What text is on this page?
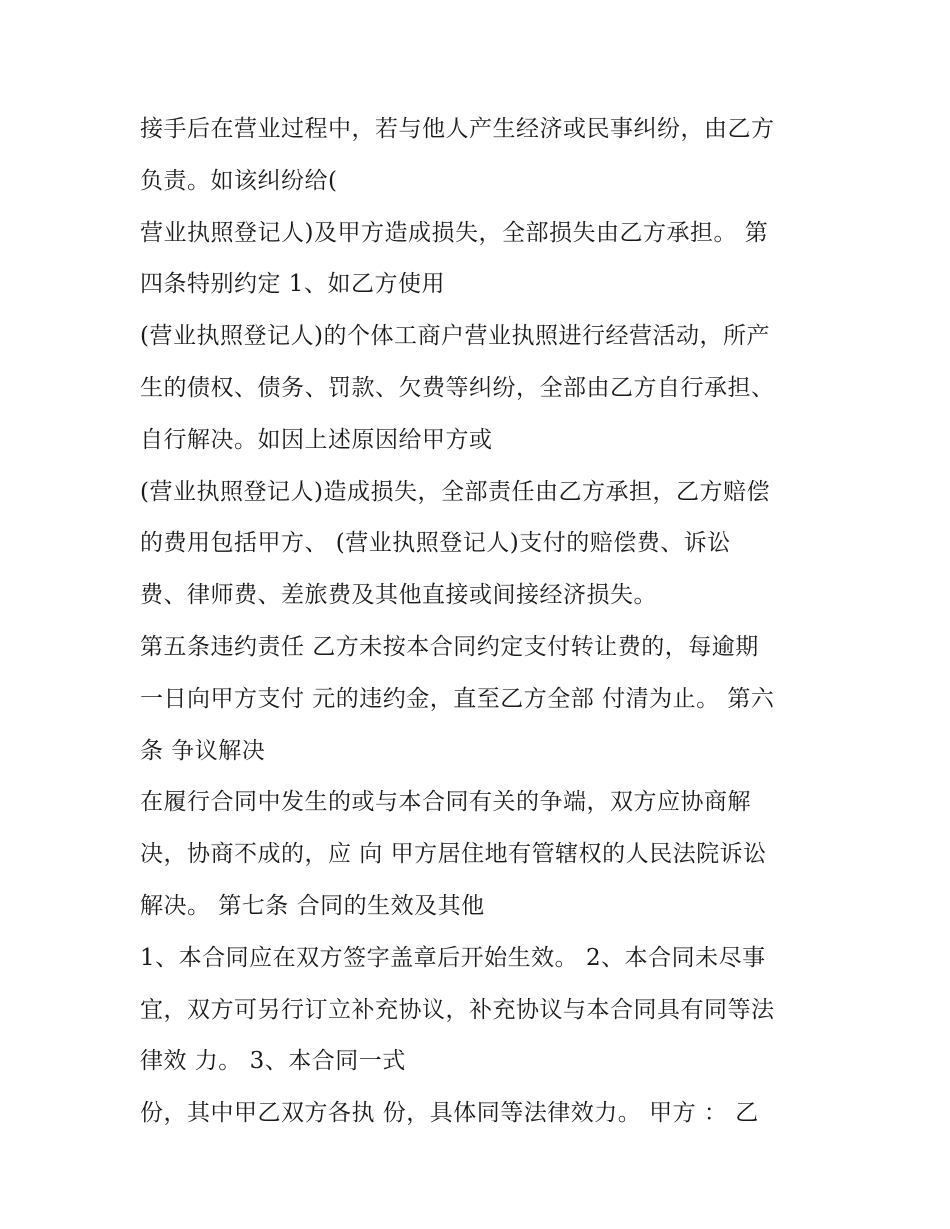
接手后在营业过程中，若与他人产生经济或民事纠纷，由乙方
负责。如该纠纷给(
营业执照登记人)及甲方造成损失，全部损失由乙方承担。 第
四条特别约定 1、如乙方使用
(营业执照登记人)的个体工商户营业执照进行经营活动，所产
生的债权、债务、罚款、欠费等纠纷，全部由乙方自行承担、
自行解决。如因上述原因给甲方或
(营业执照登记人)造成损失，全部责任由乙方承担，乙方赔偿
的费用包括甲方、 (营业执照登记人)支付的赔偿费、诉讼
费、律师费、差旅费及其他直接或间接经济损失。
第五条违约责任 乙方未按本合同约定支付转让费的，每逾期
一日向甲方支付 元的违约金，直至乙方全部 付清为止。 第六
条 争议解决
在履行合同中发生的或与本合同有关的争端，双方应协商解
决，协商不成的，应 向 甲方居住地有管辖权的人民法院诉讼
解决。 第七条 合同的生效及其他
1、本合同应在双方签字盖章后开始生效。 2、本合同未尽事
宜，双方可另行订立补充协议，补充协议与本合同具有同等法
律效 力。 3、本合同一式
份，其中甲乙双方各执 份，具体同等法律效力。 甲方 ： 乙
